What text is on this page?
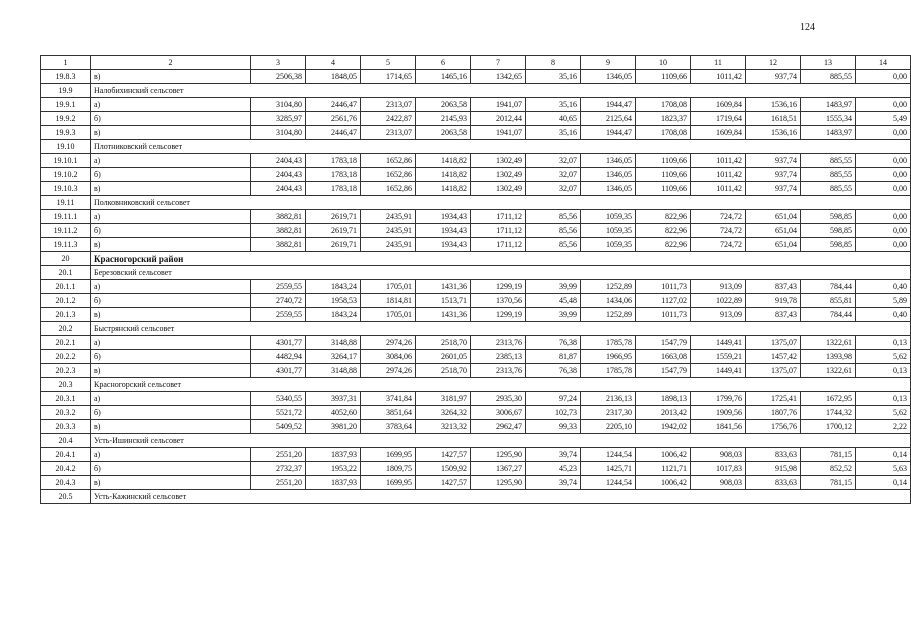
124
1	2	3	4	5	6	7	8	9	10	11	12	13	14
19.8.3	в)	2506,38	1848,05	1714,65	1465,16	1342,65	35,16	1346,05	1109,66	1011,42	937,74	885,55	0,00
19.9	Налобихинский сельсовет												
19.9.1	а)	3104,80	2446,47	2313,07	2063,58	1941,07	35,16	1944,47	1708,08	1609,84	1536,16	1483,97	0,00
19.9.2	б)	3285,97	2561,76	2422,87	2145,93	2012,44	40,65	2125,64	1823,37	1719,64	1618,51	1555,34	5,49
19.9.3	в)	3104,80	2446,47	2313,07	2063,58	1941,07	35,16	1944,47	1708,08	1609,84	1536,16	1483,97	0,00
19.10	Плотниковский сельсовет												
19.10.1	а)	2404,43	1783,18	1652,86	1418,82	1302,49	32,07	1346,05	1109,66	1011,42	937,74	885,55	0,00
19.10.2	б)	2404,43	1783,18	1652,86	1418,82	1302,49	32,07	1346,05	1109,66	1011,42	937,74	885,55	0,00
19.10.3	в)	2404,43	1783,18	1652,86	1418,82	1302,49	32,07	1346,05	1109,66	1011,42	937,74	885,55	0,00
19.11	Полковниковский сельсовет												
19.11.1	а)	3882,81	2619,71	2435,91	1934,43	1711,12	85,56	1059,35	822,96	724,72	651,04	598,85	0,00
19.11.2	б)	3882,81	2619,71	2435,91	1934,43	1711,12	85,56	1059,35	822,96	724,72	651,04	598,85	0,00
19.11.3	в)	3882,81	2619,71	2435,91	1934,43	1711,12	85,56	1059,35	822,96	724,72	651,04	598,85	0,00
20	Красногорский район												
20.1	Березовский сельсовет												
20.1.1	а)	2559,55	1843,24	1705,01	1431,36	1299,19	39,99	1252,89	1011,73	913,09	837,43	784,44	0,40
20.1.2	б)	2740,72	1958,53	1814,81	1513,71	1370,56	45,48	1434,06	1127,02	1022,89	919,78	855,81	5,89
20.1.3	в)	2559,55	1843,24	1705,01	1431,36	1299,19	39,99	1252,89	1011,73	913,09	837,43	784,44	0,40
20.2	Быстрянский сельсовет												
20.2.1	а)	4301,77	3148,88	2974,26	2518,70	2313,76	76,38	1785,78	1547,79	1449,41	1375,07	1322,61	0,13
20.2.2	б)	4482,94	3264,17	3084,06	2601,05	2385,13	81,87	1966,95	1663,08	1559,21	1457,42	1393,98	5,62
20.2.3	в)	4301,77	3148,88	2974,26	2518,70	2313,76	76,38	1785,78	1547,79	1449,41	1375,07	1322,61	0,13
20.3	Красногорский сельсовет												
20.3.1	а)	5340,55	3937,31	3741,84	3181,97	2935,30	97,24	2136,13	1898,13	1799,76	1725,41	1672,95	0,13
20.3.2	б)	5521,72	4052,60	3851,64	3264,32	3006,67	102,73	2317,30	2013,42	1909,56	1807,76	1744,32	5,62
20.3.3	в)	5409,52	3981,20	3783,64	3213,32	2962,47	99,33	2205,10	1942,02	1841,56	1756,76	1700,12	2,22
20.4	Усть-Ишинский сельсовет												
20.4.1	а)	2551,20	1837,93	1699,95	1427,57	1295,90	39,74	1244,54	1006,42	908,03	833,63	781,15	0,14
20.4.2	б)	2732,37	1953,22	1809,75	1509,92	1367,27	45,23	1425,71	1121,71	1017,83	915,98	852,52	5,63
20.4.3	в)	2551,20	1837,93	1699,95	1427,57	1295,90	39,74	1244,54	1006,42	908,03	833,63	781,15	0,14
20.5	Усть-Кажинский сельсовет												
